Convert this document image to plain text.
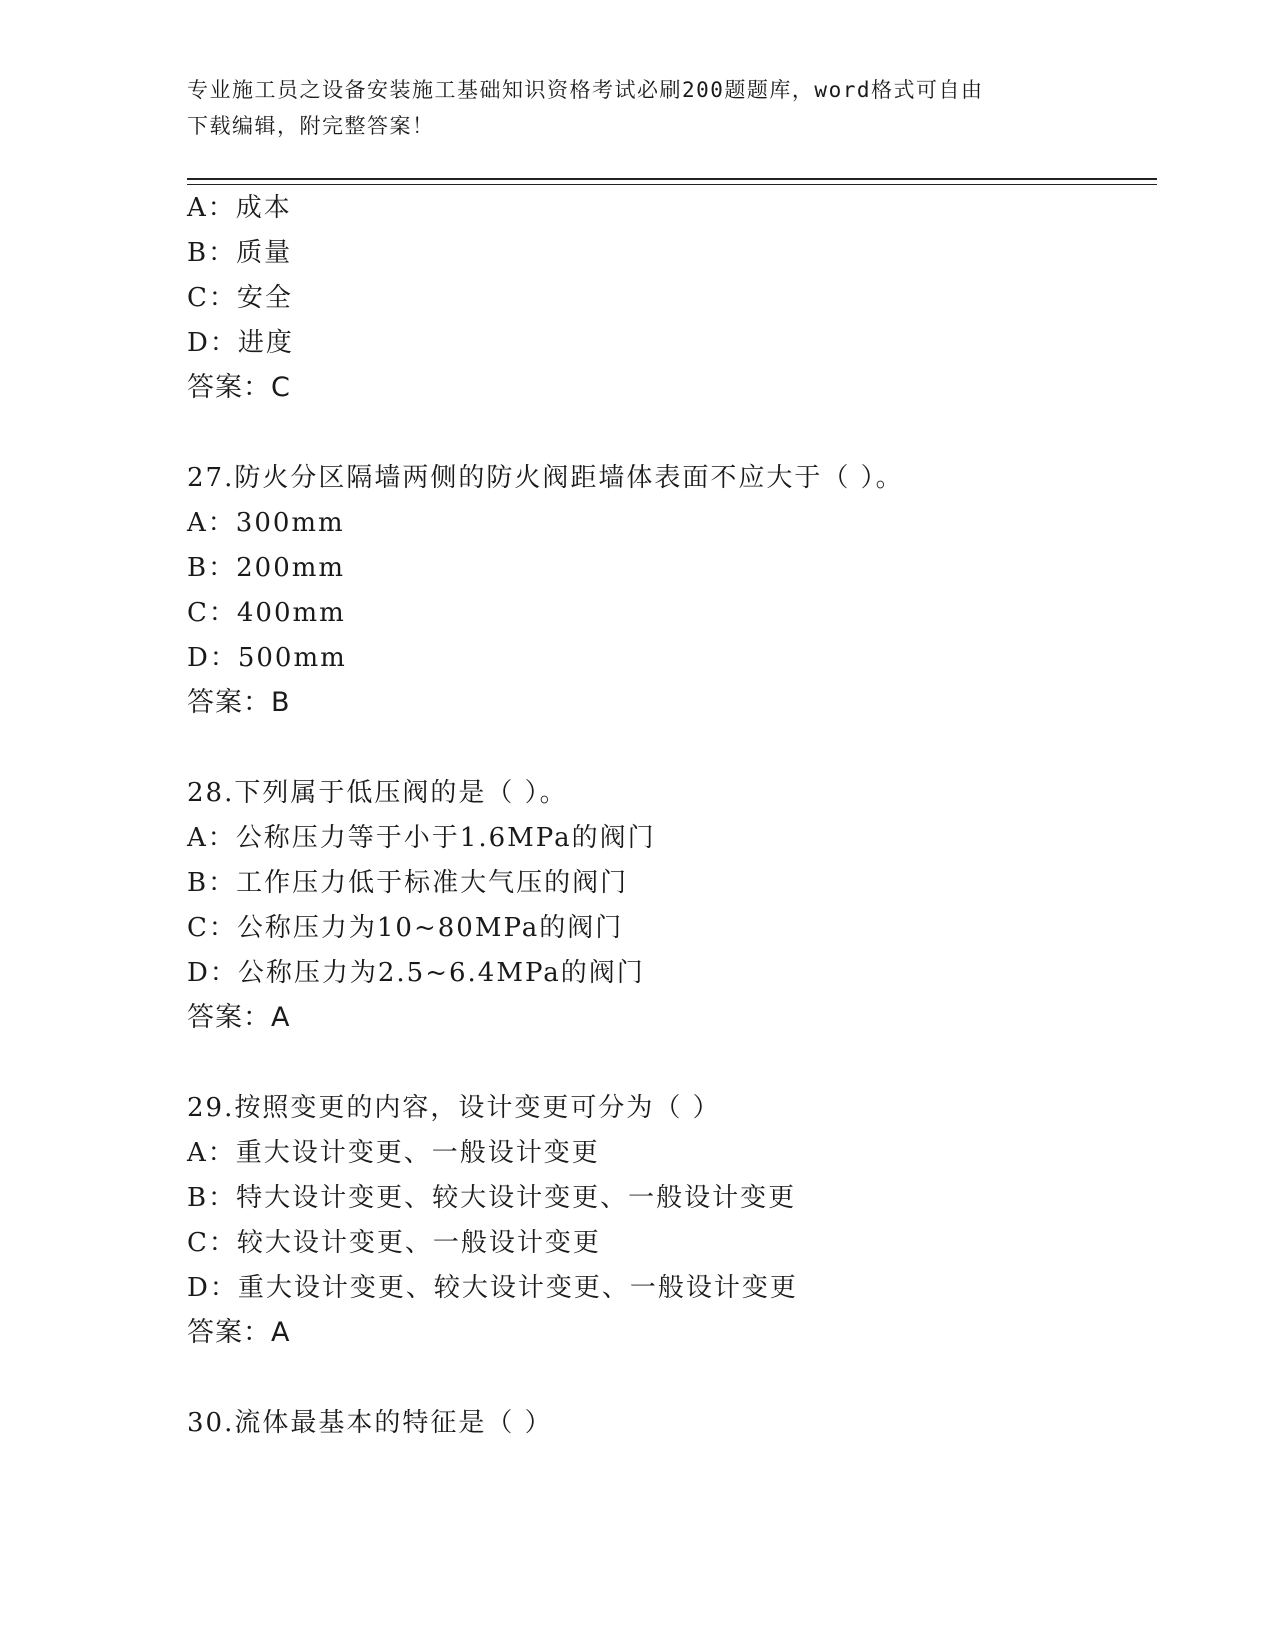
专业施工员之设备安装施工基础知识资格考试必刷200题题库，word格式可自由
下载编辑，附完整答案！
A：成本
B：质量
C：安全
D：进度
答案：C
27.防火分区隔墙两侧的防火阀距墙体表面不应大于（ ）。
A：300mm
B：200mm
C：400mm
D：500mm
答案：B
28.下列属于低压阀的是（ ）。
A：公称压力等于小于1.6MPa的阀门
B：工作压力低于标准大气压的阀门
C：公称压力为10~80MPa的阀门
D：公称压力为2.5~6.4MPa的阀门
答案：A
29.按照变更的内容，设计变更可分为（ ）
A：重大设计变更、一般设计变更
B：特大设计变更、较大设计变更、一般设计变更
C：较大设计变更、一般设计变更
D：重大设计变更、较大设计变更、一般设计变更
答案：A
30.流体最基本的特征是（ ）
